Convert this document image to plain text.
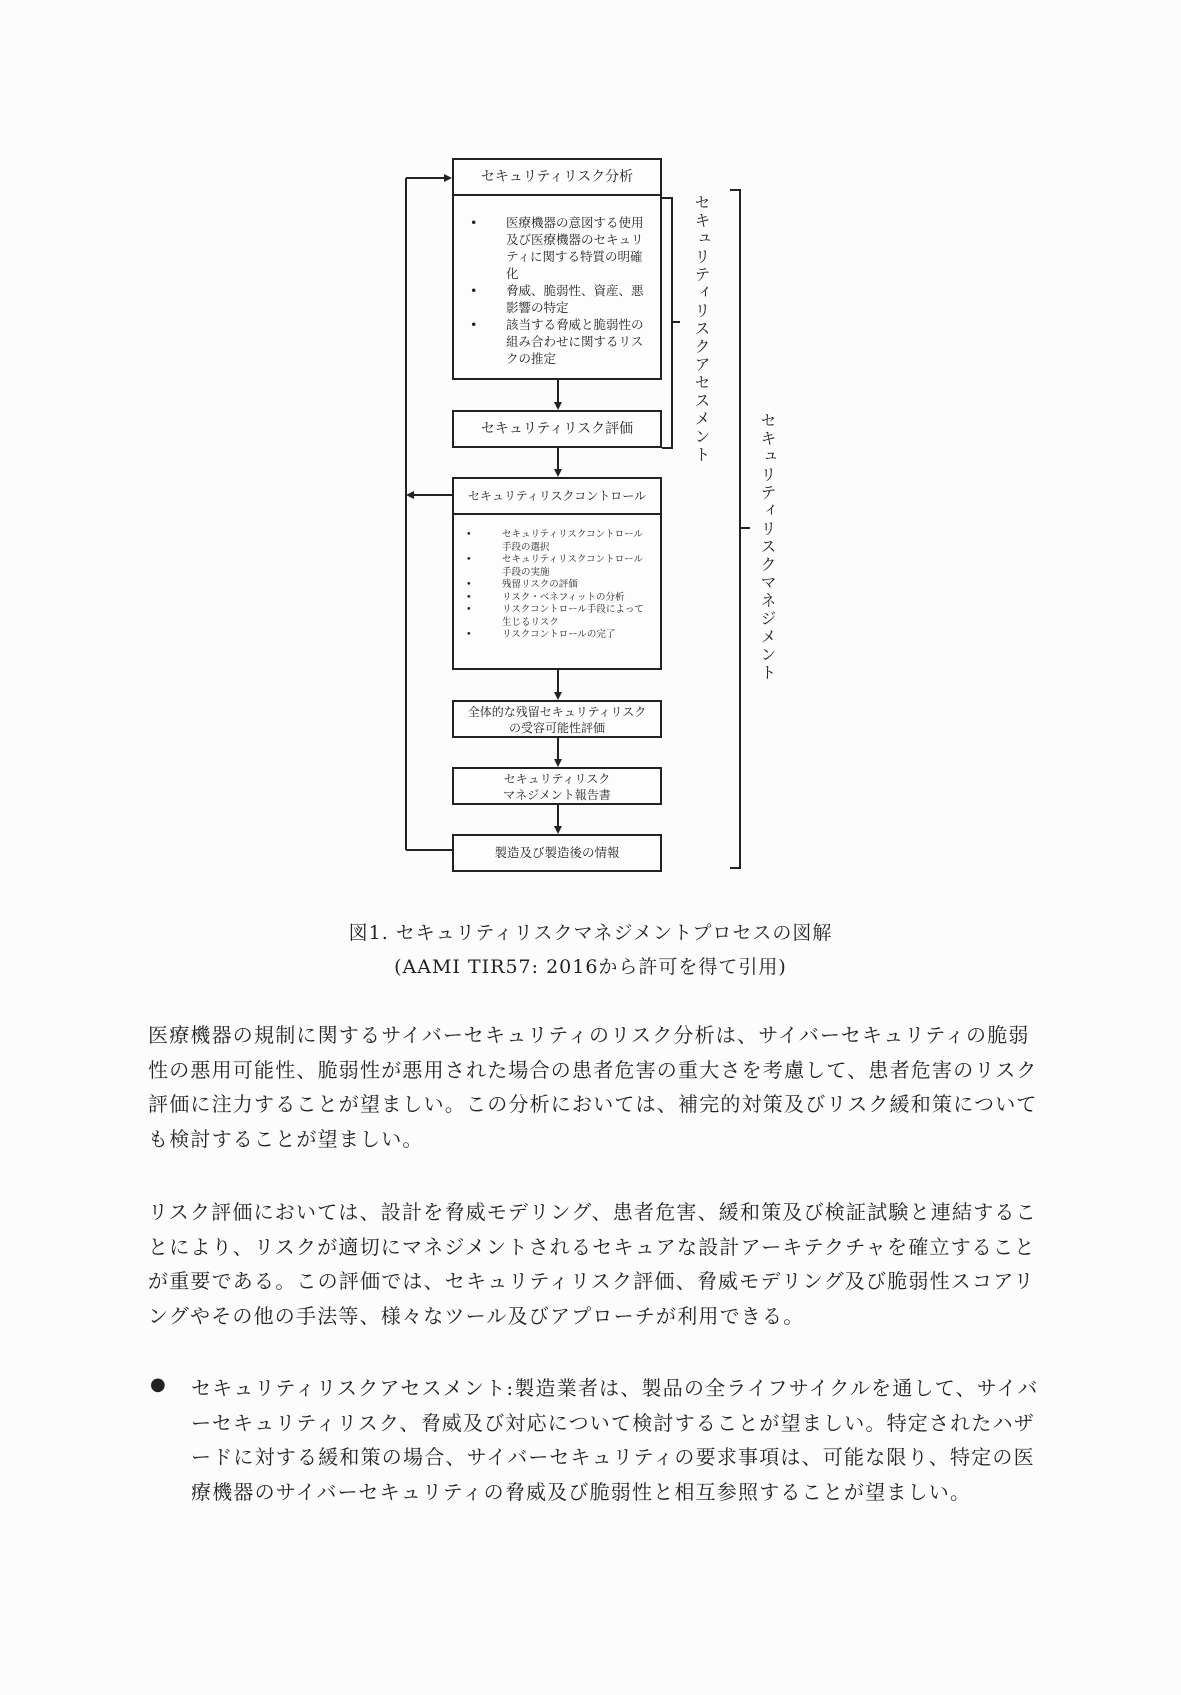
セキュリティリスク分析
• 医療機器の意図する使用及び医療機器のセキュリティに関する特質の明確化
• 脅威、脆弱性、資産、悪影響の特定
• 該当する脅威と脆弱性の組み合わせに関するリスクの推定
セキュリティリスク評価
セキュリティリスクコントロール
•	セキュリティリスクコントロール手段の選択
•	セキュリティリスクコントロール手段の実施
•	残留リスクの評価
•	リスク・ベネフィットの分析
•	リスクコントロール手段によって生じるリスク
•	リスクコントロールの完了
全体的な残留セキュリティリスク
の受容可能性評価
セキュリティリスク
マネジメント報告書
製造及び製造後の情報
セキュリティリスクアセスメント
セキュリティリスクマネジメント
図1. セキュリティリスクマネジメントプロセスの図解
(AAMI TIR57: 2016から許可を得て引用)

医療機器の規制に関するサイバーセキュリティのリスク分析は、サイバーセキュリティの脆弱性の悪用可能性、脆弱性が悪用された場合の患者危害の重大さを考慮して、患者危害のリスク評価に注力することが望ましい。この分析においては、補完的対策及びリスク緩和策についても検討することが望ましい。

リスク評価においては、設計を脅威モデリング、患者危害、緩和策及び検証試験と連結することにより、リスクが適切にマネジメントされるセキュアな設計アーキテクチャを確立することが重要である。この評価では、セキュリティリスク評価、脅威モデリング及び脆弱性スコアリングやその他の手法等、様々なツール及びアプローチが利用できる。

● セキュリティリスクアセスメント:製造業者は、製品の全ライフサイクルを通して、サイバーセキュリティリスク、脅威及び対応について検討することが望ましい。特定されたハザードに対する緩和策の場合、サイバーセキュリティの要求事項は、可能な限り、特定の医療機器のサイバーセキュリティの脅威及び脆弱性と相互参照することが望ましい。
